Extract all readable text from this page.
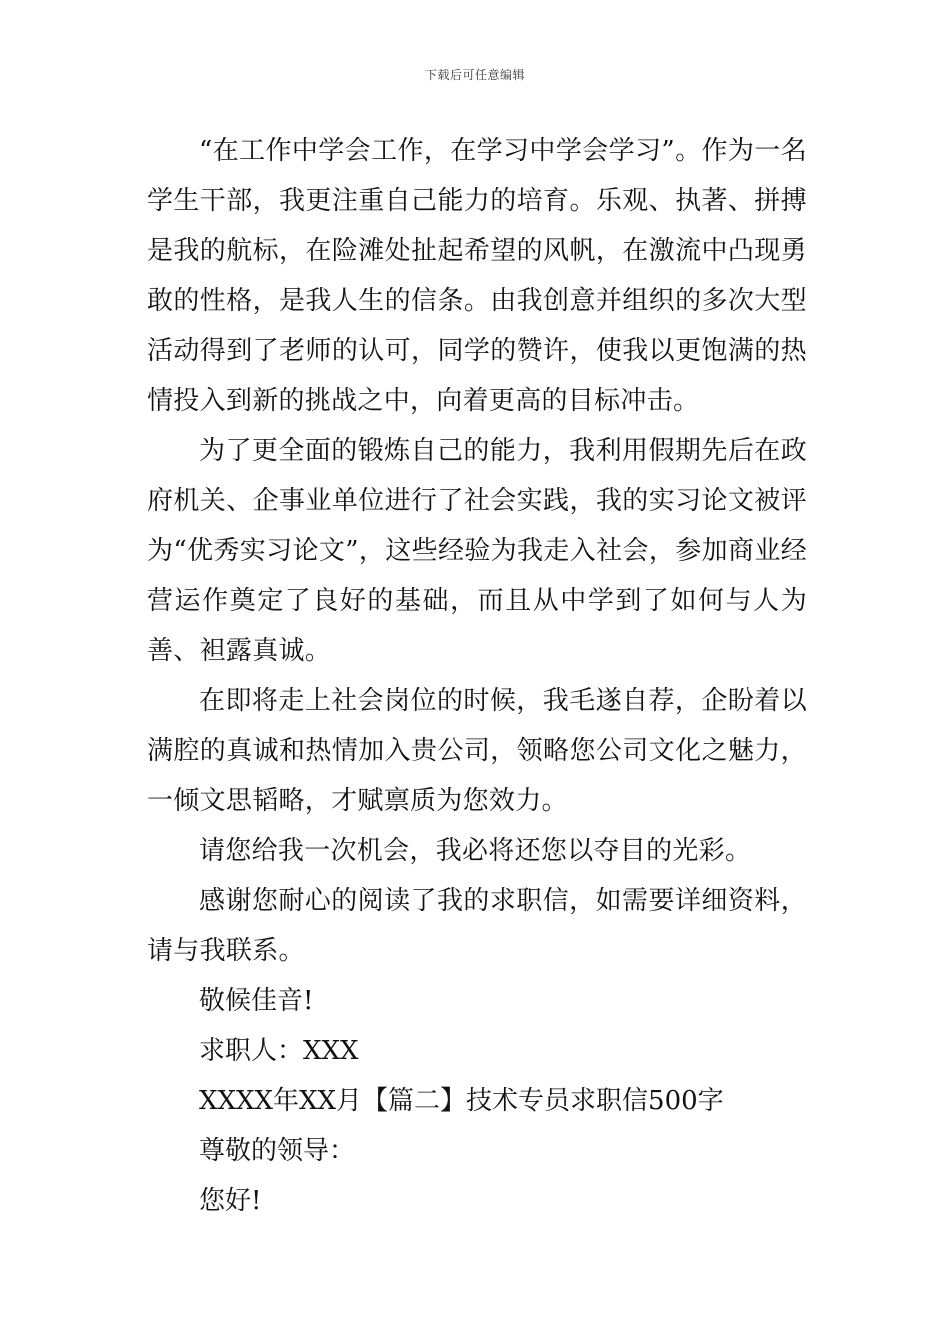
下载后可任意编辑

“在工作中学会工作，在学习中学会学习”。作为一名学生干部，我更注重自己能力的培育。乐观、执著、拼搏是我的航标，在险滩处扯起希望的风帆，在激流中凸现勇敢的性格，是我人生的信条。由我创意并组织的多次大型活动得到了老师的认可，同学的赞许，使我以更饱满的热情投入到新的挑战之中，向着更高的目标冲击。

为了更全面的锻炼自己的能力，我利用假期先后在政府机关、企事业单位进行了社会实践，我的实习论文被评为“优秀实习论文”，这些经验为我走入社会，参加商业经营运作奠定了良好的基础，而且从中学到了如何与人为善、袒露真诚。

在即将走上社会岗位的时候，我毛遂自荐，企盼着以满腔的真诚和热情加入贵公司，领略您公司文化之魅力，一倾文思韬略，才赋禀质为您效力。

请您给我一次机会，我必将还您以夺目的光彩。

感谢您耐心的阅读了我的求职信，如需要详细资料，请与我联系。

敬候佳音!

求职人：XXX

XXXX年XX月【篇二】技术专员求职信500字

尊敬的领导：

您好!
